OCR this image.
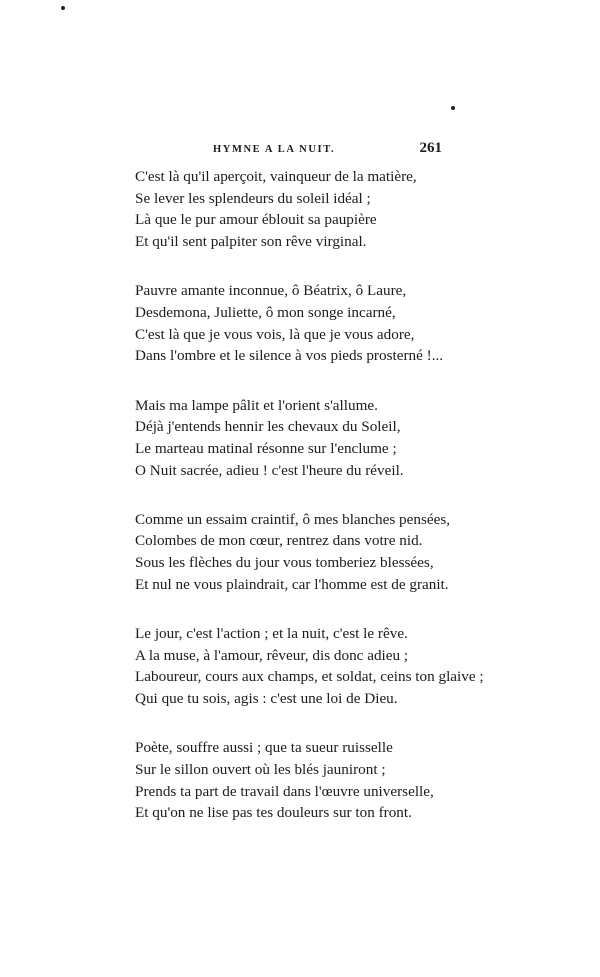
HYMNE A LA NUIT.	261

C'est là qu'il aperçoit, vainqueur de la matière,
Se lever les splendeurs du soleil idéal ;
Là que le pur amour éblouit sa paupière
Et qu'il sent palpiter son rêve virginal.

Pauvre amante inconnue, ô Béatrix, ô Laure,
Desdemona, Juliette, ô mon songe incarné,
C'est là que je vous vois, là que je vous adore,
Dans l'ombre et le silence à vos pieds prosterné !...

Mais ma lampe pâlit et l'orient s'allume.
Déjà j'entends hennir les chevaux du Soleil,
Le marteau matinal résonne sur l'enclume ;
O Nuit sacrée, adieu ! c'est l'heure du réveil.

Comme un essaim craintif, ô mes blanches pensées,
Colombes de mon cœur, rentrez dans votre nid.
Sous les flèches du jour vous tomberiez blessées,
Et nul ne vous plaindrait, car l'homme est de granit.

Le jour, c'est l'action ; et la nuit, c'est le rêve.
A la muse, à l'amour, rêveur, dis donc adieu ;
Laboureur, cours aux champs, et soldat, ceins ton glaive ;
Qui que tu sois, agis : c'est une loi de Dieu.

Poète, souffre aussi ; que ta sueur ruisselle
Sur le sillon ouvert où les blés jauniront ;
Prends ta part de travail dans l'œuvre universelle,
Et qu'on ne lise pas tes douleurs sur ton front.
